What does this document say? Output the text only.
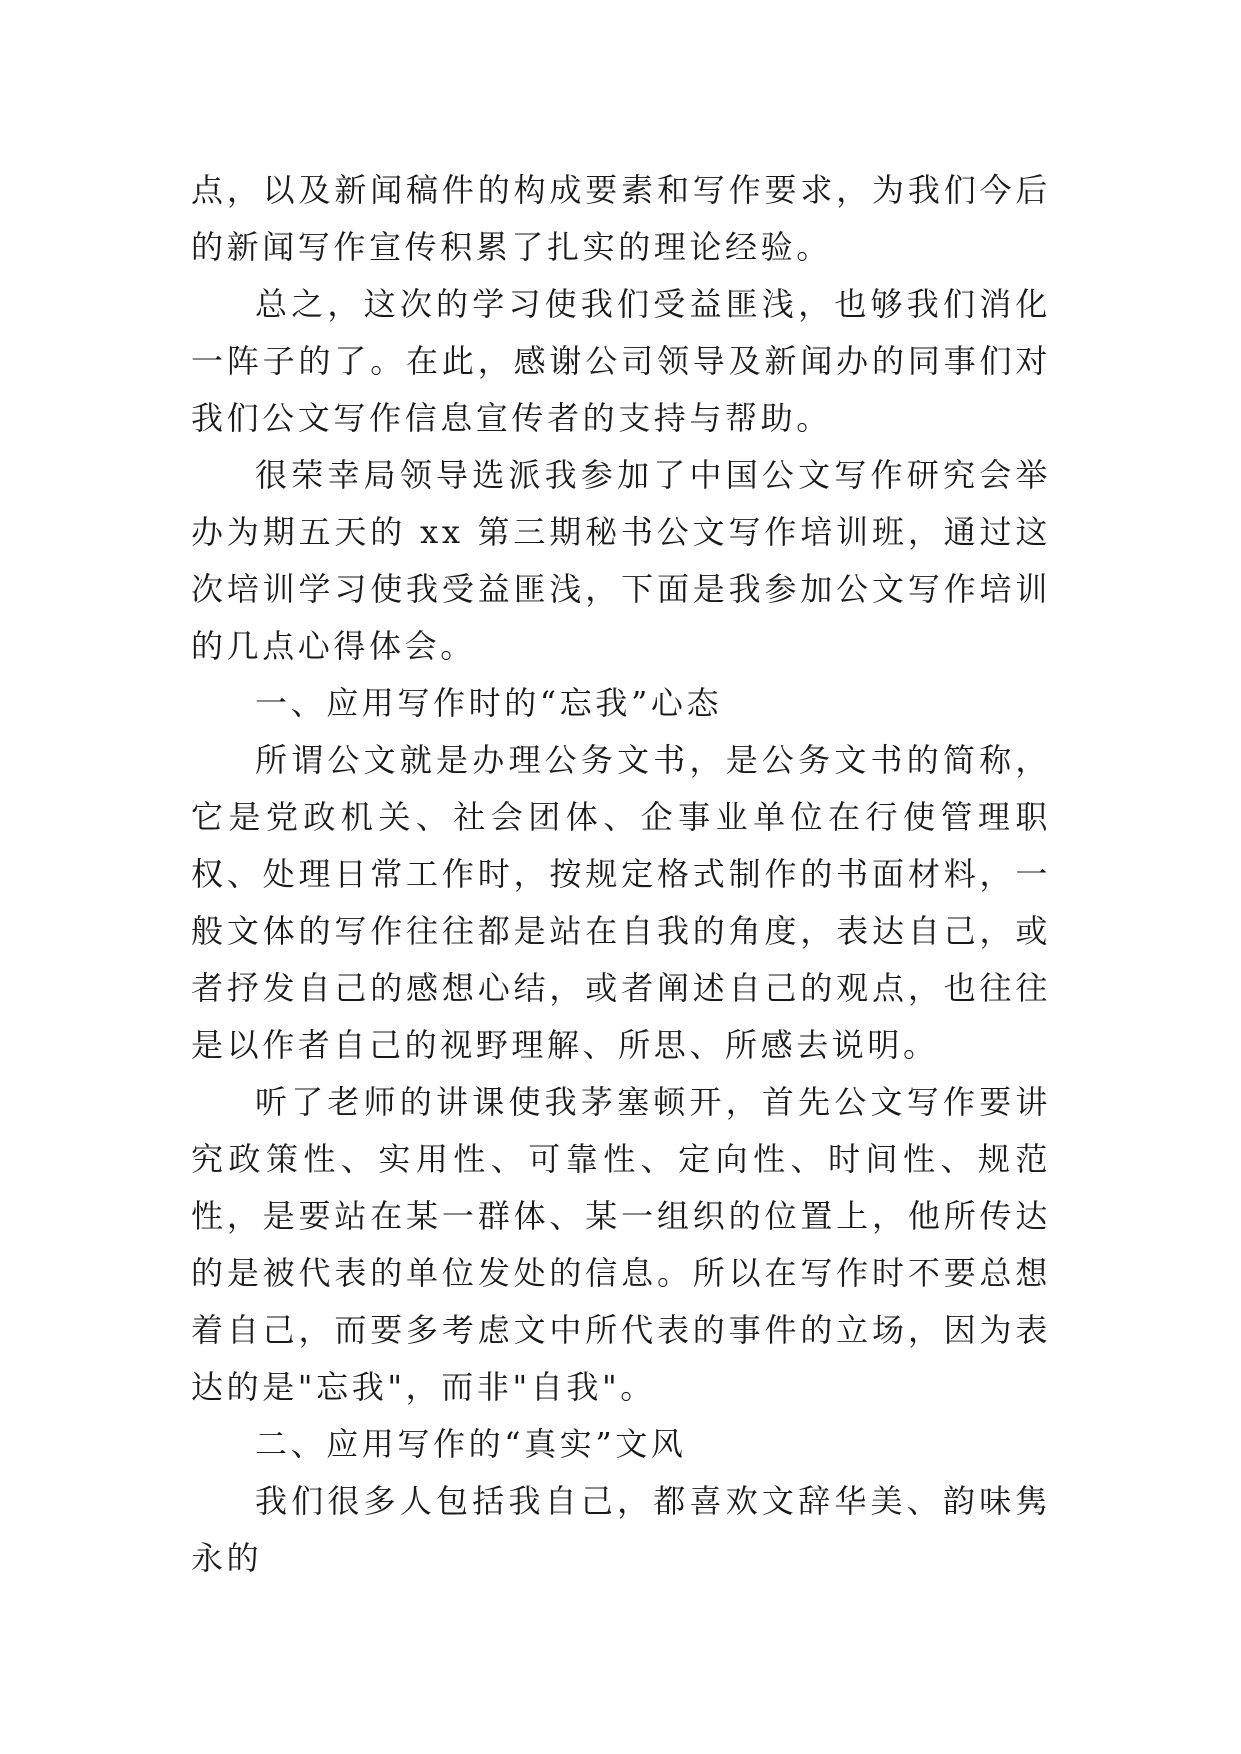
点，以及新闻稿件的构成要素和写作要求，为我们今后的新闻写作宣传积累了扎实的理论经验。

总之，这次的学习使我们受益匪浅，也够我们消化一阵子的了。在此，感谢公司领导及新闻办的同事们对我们公文写作信息宣传者的支持与帮助。

很荣幸局领导选派我参加了中国公文写作研究会举办为期五天的 xx 第三期秘书公文写作培训班，通过这次培训学习使我受益匪浅，下面是我参加公文写作培训的几点心得体会。

一、应用写作时的“忘我”心态

所谓公文就是办理公务文书，是公务文书的简称，它是党政机关、社会团体、企事业单位在行使管理职权、处理日常工作时，按规定格式制作的书面材料，一般文体的写作往往都是站在自我的角度，表达自己，或者抒发自己的感想心结，或者阐述自己的观点，也往往是以作者自己的视野理解、所思、所感去说明。

听了老师的讲课使我茅塞顿开，首先公文写作要讲究政策性、实用性、可靠性、定向性、时间性、规范性，是要站在某一群体、某一组织的位置上，他所传达的是被代表的单位发处的信息。所以在写作时不要总想着自己，而要多考虑文中所代表的事件的立场，因为表达的是"忘我"，而非"自我"。

二、应用写作的“真实”文风

我们很多人包括我自己，都喜欢文辞华美、韵味隽永的
